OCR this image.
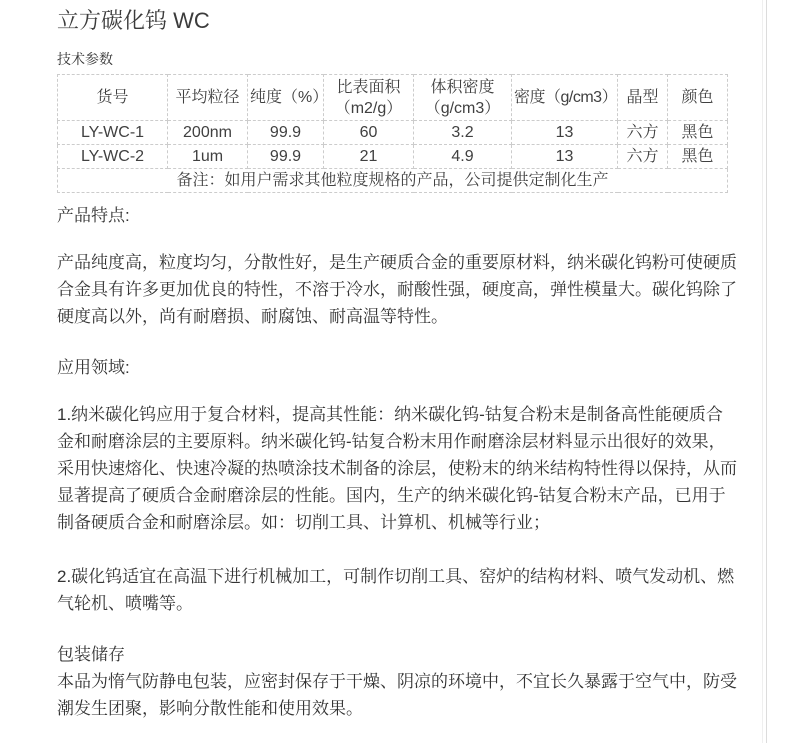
立方碳化钨 WC
技术参数
货号	平均粒径	纯度（%）	比表面积（m2/g）	体积密度（g/cm3）	密度（g/cm3）	晶型	颜色
LY-WC-1	200nm	99.9	60	3.2	13	六方	黑色
LY-WC-2	1um	99.9	21	4.9	13	六方	黑色
备注：如用户需求其他粒度规格的产品，公司提供定制化生产							

产品特点:

产品纯度高，粒度均匀，分散性好，是生产硬质合金的重要原材料，纳米碳化钨粉可使硬质合金具有许多更加优良的特性，不溶于冷水，耐酸性强，硬度高，弹性模量大。碳化钨除了硬度高以外，尚有耐磨损、耐腐蚀、耐高温等特性。

应用领域:

1.纳米碳化钨应用于复合材料，提高其性能：纳米碳化钨-钴复合粉末是制备高性能硬质合金和耐磨涂层的主要原料。纳米碳化钨-钴复合粉末用作耐磨涂层材料显示出很好的效果，采用快速熔化、快速冷凝的热喷涂技术制备的涂层，使粉末的纳米结构特性得以保持，从而显著提高了硬质合金耐磨涂层的性能。国内，生产的纳米碳化钨-钴复合粉末产品，已用于制备硬质合金和耐磨涂层。如：切削工具、计算机、机械等行业；

2.碳化钨适宜在高温下进行机械加工，可制作切削工具、窑炉的结构材料、喷气发动机、燃气轮机、喷嘴等。

包装储存

本品为惰气防静电包装，应密封保存于干燥、阴凉的环境中，不宜长久暴露于空气中，防受潮发生团聚，影响分散性能和使用效果。
